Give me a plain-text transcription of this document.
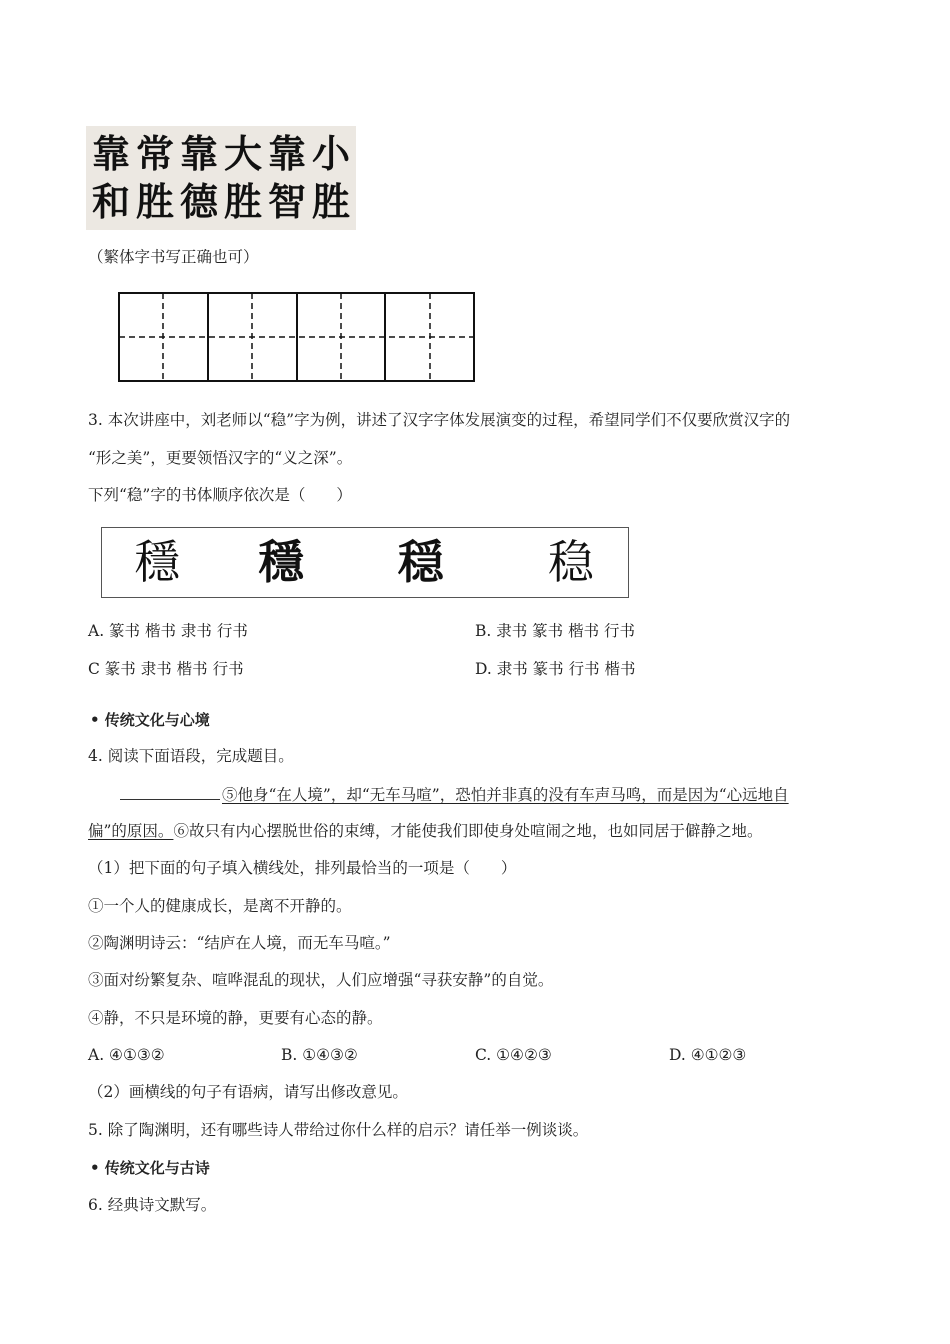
靠 常 靠 大 靠 小
和 胜 德 胜 智 胜
（繁体字书写正确也可）
3. 本次讲座中，刘老师以“稳”字为例，讲述了汉字字体发展演变的过程，希望同学们不仅要欣赏汉字的
“形之美”，更要领悟汉字的“义之深”。
下列“稳”字的书体顺序依次是（　　）
穩 穩 穏 稳
A. 篆书 楷书 隶书 行书	B. 隶书 篆书 楷书 行书
C 篆书 隶书 楷书 行书	D. 隶书 篆书 行书 楷书
• 传统文化与心境
4. 阅读下面语段，完成题目。
⑤他身“在人境”，却“无车马喧”，恐怕并非真的没有车声马鸣，而是因为“心远地自
偏”的原因。⑥故只有内心摆脱世俗的束缚，才能使我们即使身处喧闹之地，也如同居于僻静之地。
（1）把下面的句子填入横线处，排列最恰当的一项是（　　）
①一个人的健康成长，是离不开静的。
②陶渊明诗云：“结庐在人境，而无车马喧。”
③面对纷繁复杂、喧哗混乱的现状，人们应增强“寻获安静”的自觉。
④静，不只是环境的静，更要有心态的静。
A. ④①③②	B. ①④③②	C. ①④②③	D. ④①②③
（2）画横线的句子有语病，请写出修改意见。
5. 除了陶渊明，还有哪些诗人带给过你什么样的启示？请任举一例谈谈。
• 传统文化与古诗
6. 经典诗文默写。
